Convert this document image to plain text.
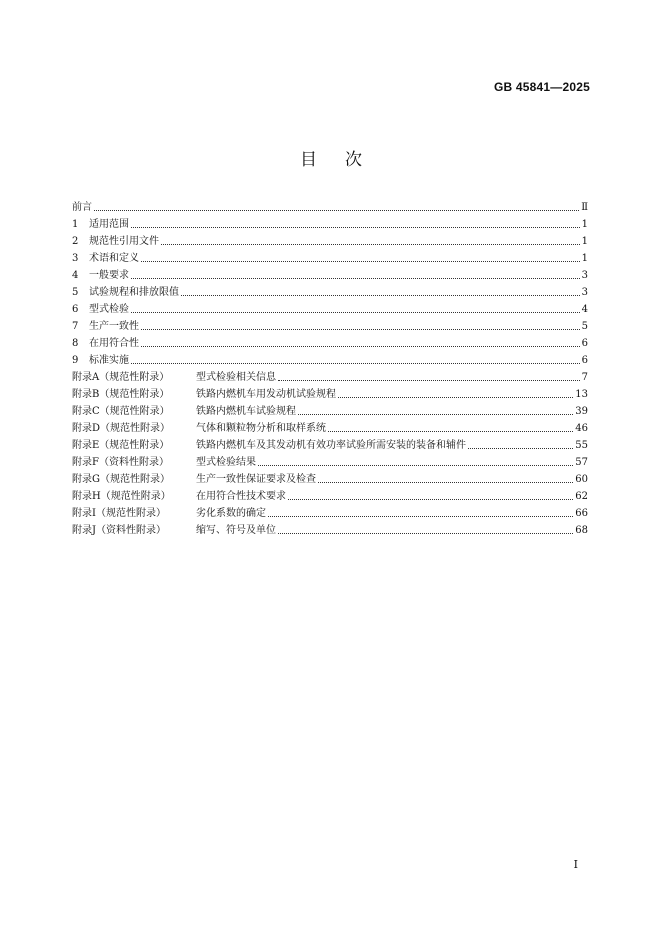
GB 45841—2025
目次
前言	Ⅱ
1	适用范围	1
2	规范性引用文件	1
3	术语和定义	1
4	一般要求	3
5	试验规程和排放限值	3
6	型式检验	4
7	生产一致性	5
8	在用符合性	6
9	标准实施	6
附录A（规范性附录）	型式检验相关信息	7
附录B（规范性附录）	铁路内燃机车用发动机试验规程	13
附录C（规范性附录）	铁路内燃机车试验规程	39
附录D（规范性附录）	气体和颗粒物分析和取样系统	46
附录E（规范性附录）	铁路内燃机车及其发动机有效功率试验所需安装的装备和辅件	55
附录F（资料性附录）	型式检验结果	57
附录G（规范性附录）	生产一致性保证要求及检查	60
附录H（规范性附录）	在用符合性技术要求	62
附录I（规范性附录）	劣化系数的确定	66
附录J（资料性附录）	缩写、符号及单位	68
I
